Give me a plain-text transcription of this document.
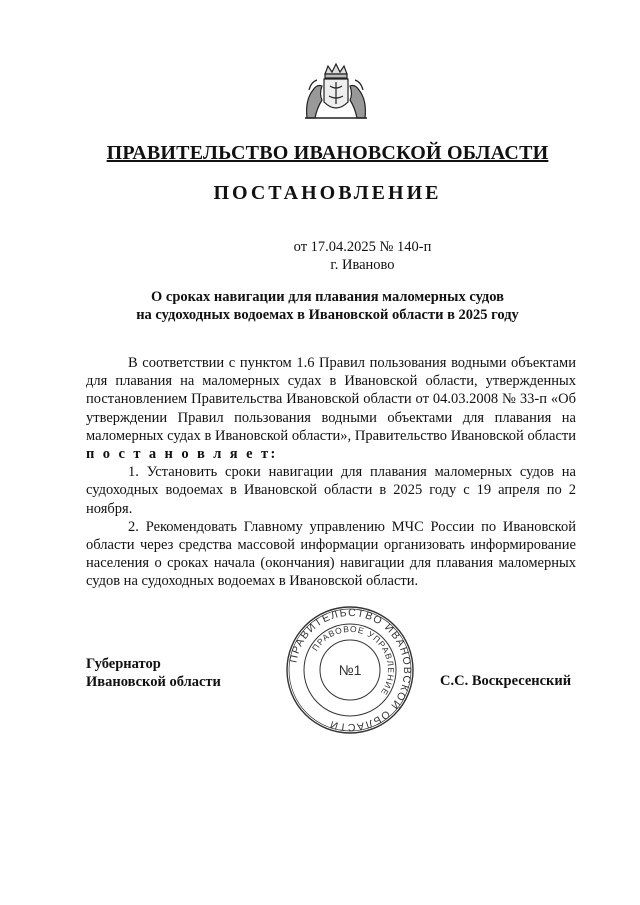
ПРАВИТЕЛЬСТВО ИВАНОВСКОЙ ОБЛАСТИ
ПОСТАНОВЛЕНИЕ
от 17.04.2025 № 140-п
г. Иваново
О сроках навигации для плавания маломерных судов
на судоходных водоемах в Ивановской области в 2025 году

В соответствии с пунктом 1.6 Правил пользования водными объектами для плавания на маломерных судах в Ивановской области, утвержденных постановлением Правительства Ивановской области от 04.03.2008 № 33-п «Об утверждении Правил пользования водными объектами для плавания на маломерных судах в Ивановской области», Правительство Ивановской области п о с т а н о в л я е т:

1. Установить сроки навигации для плавания маломерных судов на судоходных водоемах в Ивановской области в 2025 году с 19 апреля по 2 ноября.

2. Рекомендовать Главному управлению МЧС России по Ивановской области через средства массовой информации организовать информирование населения о сроках начала (окончания) навигации для плавания маломерных судов на судоходных водоемах в Ивановской области.

Губернатор
Ивановской области	С.С. Воскресенский
ПРАВИТЕЛЬСТВО ИВАНОВСКОЙ ОБЛАСТИ
ПРАВОВОЕ УПРАВЛЕНИЕ
№1
